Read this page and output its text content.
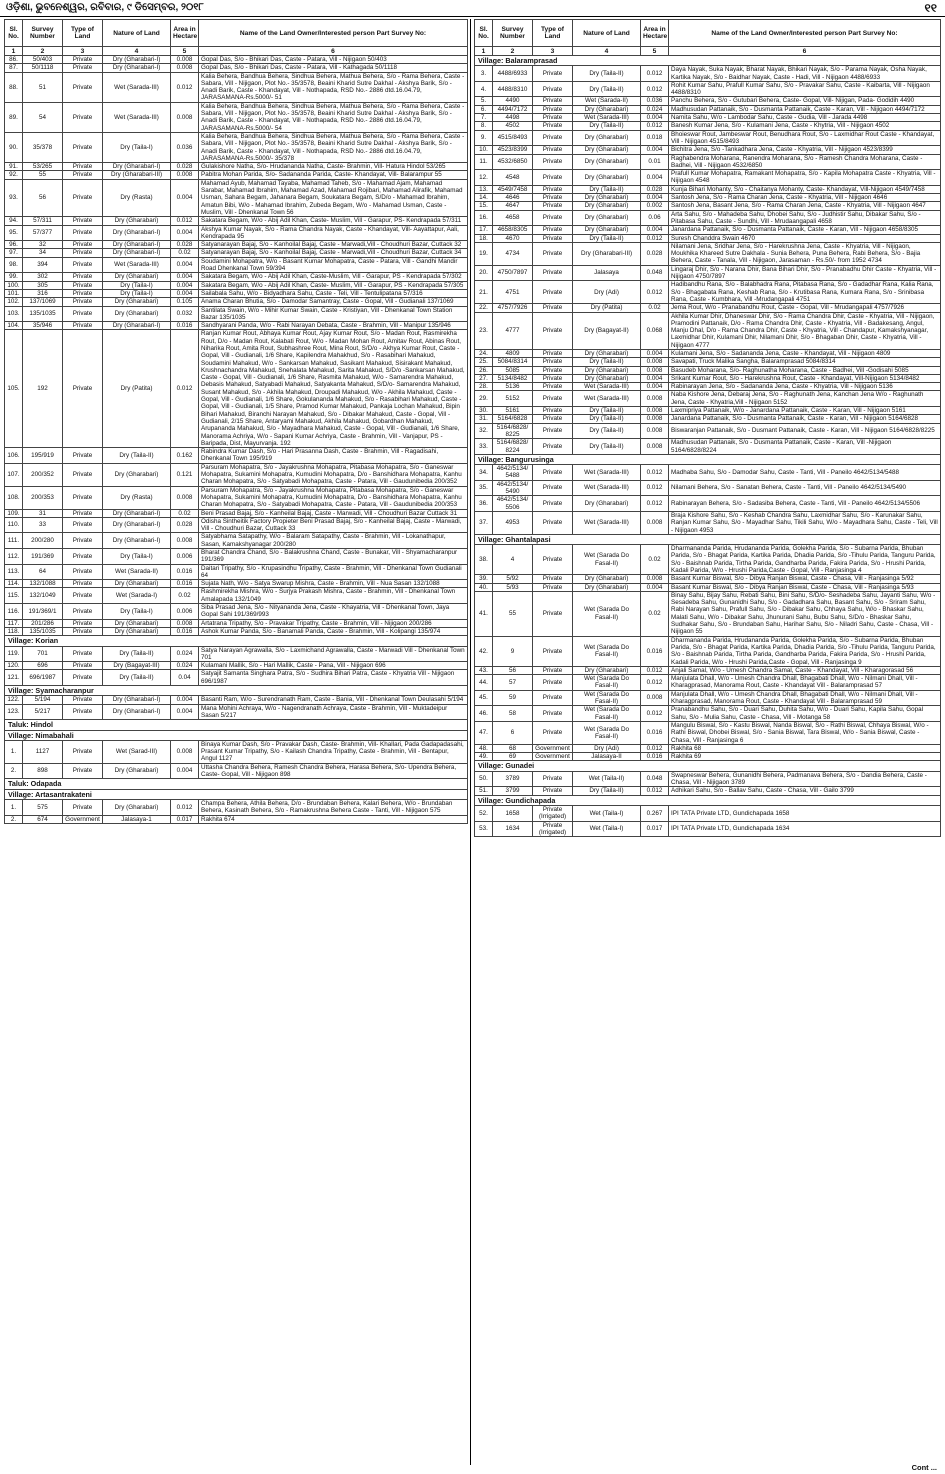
ଓଡ଼ିଶା, ଭୁବନେଶ୍ୱର, ରବିବାର, ୯ ଡିସେମ୍ବର, ୨୦୧୮	୧୧
Sl. No.	Survey Number	Type of Land	Nature of Land	Area in Hectare	Name of the Land Owner/Interested person Part Survey No:
1	2	3	4	5	6
86.	50/403	Private	Dry (Gharabari-I)	0.008	Gopal Das, S/o - Bhikari Das, Caste - Patara, Vill - Nijigaon 50/403
87.	50/1118	Private	Dry (Gharabari-I)	0.008	Gopal Das, S/o - Bhikari Das, Caste - Patara, Vill - Kathagada 50/1118
88.	51	Private	Wet (Sarada-III)	0.012	Kalia Behera, Bandhua Behera, Sindhua Behera, Mathua Behera, S/o - Rama Behera, Caste - Sabara, Vill - Nijigaon, Plot No.- 35/3578, Beaini Kharid Sutre Dakhal - Akshya Barik, S/o - Anadi Barik, Caste - Khandayat, Vill - Nothapada, RSD No.- 2886 dtd.16.04.79, JARASAMANA-Rs.5000/- 51
89.	54	Private	Wet (Sarada-III)	0.008	Kalia Behera, Bandhua Behera, Sindhua Behera, Mathua Behera, S/o - Rama Behera, Caste - Sabara, Vill - Nijigaon, Plot No.- 35/3578, Beaini Kharid Sutre Dakhal - Akshya Barik, S/o - Anadi Barik, Caste - Khandayat, Vill - Nothapada, RSD No.- 2886 dtd.16.04.79, JARASAMANA-Rs.5000/- 54
90.	35/378	Private	Dry (Taila-I)	0.036	Kalia Behera, Bandhua Behera, Sindhua Behera, Mathua Behera, S/o - Rama Behera, Caste - Sabara, Vill - Nijigaon, Plot No.- 35/3578, Beaini Kharid Sutre Dakhal - Akshya Barik, S/o - Anadi Barik, Caste - Khandayat, Vill - Nothapada, RSD No.- 2886 dtd.16.04.79, JARASAMANA-Rs.5000/- 35/378
91.	53/265	Private	Dry (Gharabari-I)	0.028	Gulakishore Natha, S/o- Hrudananda Natha, Caste- Brahmin, Vill- Hatura Hindol 53/265
92.	55	Private	Dry (Gharabari-III)	0.008	Pabitra Mohan Parida, S/o- Sadananda Parida, Caste- Khandayat, Vill- Balarampur 55
93.	56	Private	Dry (Rasta)	0.004	Mahamad Ayub, Mahamad Tayaba, Mahamad Taheb, S/o - Mahamad Ajam, Mahamad Sarabar, Mahamad Ibrahim, Mahamad Azad, Mahamad Rojibari, Mahamad Alirafik, Mahamad Usman, Sahara Begam, Jahanara Begam, Soukatara Begam, S/D/o - Mahamad Ibrahim, Amatun Bibi, W/o - Mahamad Ibrahim, Zubeda Begam, W/o - Mahamad Usman, Caste - Muslim, Vill - Dhenkanal Town 56
94.	57/311	Private	Dry (Gharabari)	0.012	Sakatara Begam, W/o - Abij Adil Khan, Caste- Muslim, Vill - Garapur, PS- Kendrapada 57/311
95.	57/377	Private	Dry (Gharabari-I)	0.004	Akshya Kumar Nayak, S/o - Rama Chandra Nayak, Caste - Khandayat, Vill- Aayattapur, Aali, Kendrapada 95
96.	32	Private	Dry (Gharabari-I)	0.028	Satyanarayan Bajaj, S/o - Kanhoilal Bajaj, Caste - Marwadi,Vill - Choudhuri Bazar, Cuttack 32
97.	34	Private	Dry (Gharabari-I)	0.02	Satyanarayan Bajaj, S/o - Kanhoilal Bajaj, Caste - Marwadi,Vill - Choudhuri Bazar, Cuttack 34
98.	394	Private	Wet (Sarada-III)	0.004	Soudamini Mohapatra, W/o - Basant Kumar Mohapatra, Caste - Patara, Vill - Gandhi Mandir Road Dhenkanal Town 59/394
99.	302	Private	Dry (Gharabari)	0.004	Sakatara Begam, W/o - Abij Adil Khan, Caste-Muslim, Vill - Garapur, PS - Kendrapada 57/302
100.	305	Private	Dry (Taila-I)	0.004	Sakatara Begam, W/o - Abij Adil Khan, Caste- Muslim, Vill - Garapur, PS - Kendrapada 57/305
101.	316	Private	Dry (Taila-I)	0.004	Sailabala Sahu, W/o - Bidyadhara Sahu, Caste - Teli, Vill - Tentulipatana 57/316
102.	137/1069	Private	Dry (Gharabari)	0.105	Anama Charan Bhutia, S/o - Damodar Samantray, Caste - Gopal, Vill - Gudianali 137/1069
103.	135/1035	Private	Dry (Gharabari)	0.032	Santilata Swain, W/o - Mihir Kumar Swain, Caste - Kristiyan, Vill - Dhenkanal Town Station Bazar 135/1035
104.	35/946	Private	Dry (Gharabari-I)	0.016	Sandhyarani Panda, W/o - Rabi Narayan Debata, Caste - Brahmin, Vill - Manipur 135/946
105.	192	Private	Dry (Patita)	0.012	Ranjan Kumar Rout, Abhaya Kumar Rout, Ajay Kumar Rout, S/o - Madan Rout, Rasmirekha Rout, D/o - Madan Rout, Kalabati Rout, W/o - Madan Mohan Rout, Amitav Rout, Abinas Rout, Niharika Rout, Amita Rout, Subhashree Rout, Mina Rout, S/D/o - Akhya Kumar Rout, Caste - Gopal, Vill - Gudianali, 1/6 Share, Kapilendra Mahakhud, S/o - Rasabihari Mahakud, Soudamini Mahakud, W/o - Sankarsan Mahakud, Sasikant Mahakud, Sisirakant Mahakud, Krushnachandra Mahakud, Snehalata Mahakud, Sarita Mahakud, S/D/o -Sankarsan Mahakud, Caste - Gopal, Vill - Gudianali, 1/6 Share, Rasmita Mahakud, W/o - Samarendra Mahakud, Debasis Mahakud, Satyabadi Mahakud, Satyakanta Mahakud, S/D/o- Samarendra Mahakud, Susant Mahakud, S/o - Akhila Mahakud, Droupadi Mahakud, W/o - Akhila Mahakud, Caste - Gopal, Vill - Gudianali, 1/6 Share, Gokulananda Mahakud, S/o - Rasabihari Mahakud, Caste - Gopal, Vill - Gudianali, 1/5 Share, Pramod Kumar Mahakud, Pankaja Lochan Mahakud, Bipin Bihari Mahakud, Biranchi Narayan Mahakud, S/o - Dibakar Mahakud, Caste - Gopal, Vill - Gudianali, 2/15 Share, Antaryami Mahakud, Akhila Mahakud, Gobardhan Mahakud, Arupananda Mahakud, S/o - Mayadhara Mahakud, Caste - Gopal, Vill - Gudianali, 1/6 Share, Manorama Achriya, W/o - Sapani Kumar Achriya, Caste - Brahmin, Vill - Vanjapur, PS -Baripada, Dist, Mayurvanja. 192
106.	195/919	Private	Dry (Taila-II)	0.162	Rabindra Kumar Dash, S/o - Hari Prasanna Dash, Caste - Brahmin, Vill - Ragadisahi, Dhenkanal Town 195/919
107.	200/352	Private	Dry (Gharabari)	0.121	Parsuram Mohapatra, S/o - Jayakrushna Mohapatra, Pitabasa Mohapatra, S/o - Ganeswar Mohapatra, Sukamini Mohapatra, Kumudini Mohapatra, D/o - Banshidhara Mohapatra, Kanhu Charan Mohapatra, S/o - Satyabadi Mohapatra, Caste - Patara, Vill - Gaudunibedia 200/352
108.	200/353	Private	Dry (Rasta)	0.008	Parsuram Mohapatra, S/o - Jayakrushna Mohapatra, Pitabasa Mohapatra, S/o - Ganeswar Mohapatra, Sukamini Mohapatra, Kumudini Mohapatra, D/o - Banshidhara Mohapatra, Kanhu Charan Mohapatra, S/o - Satyabadi Mohapatra, Caste - Patara, Vill - Gaudunibedia 200/353
109.	31	Private	Dry (Gharabari-I)	0.02	Beni Prasad Bajaj, S/o - Kanheilal Bajaj, Caste - Marwadi, Vill - Choudhuri Bazar Cuttack 31
110.	33	Private	Dry (Gharabari-I)	0.028	Odisha Sintheitik Factory Propieter Beni Prasad Bajaj, S/o - Kanheilal Bajaj, Caste - Marwadi, Vill - Choudhuri Bazar, Cuttack 33
111.	200/280	Private	Dry (Gharabari-I)	0.008	Satyabhama Satapathy, W/o - Balaram Satapathy, Caste - Brahmin, Vill - Lokanathapur, Sasan, Kamakshyanagar 200/280
112.	191/369	Private	Dry (Taila-I)	0.006	Bharat Chandra Chand, S/o - Balakrushna Chand, Caste - Bunakar, Vill - Shyamacharanpur 191/369
113.	64	Private	Wet (Sarada-II)	0.016	Daitari Tripathy, S/o - Krupasindhu Tripathy, Caste - Brahmin, Vill - Dhenkanal Town Gudianali 64
114.	132/1088	Private	Dry (Gharabari)	0.016	Sujata Nath, W/o - Satya Swarup Mishra, Caste - Brahmin, Vill - Nua Sasan 132/1088
115.	132/1049	Private	Wet (Sarada-I)	0.02	Rashmirekha Mishra, W/o - Surjya Prakash Mishra, Caste - Brahmin, Vill - Dhenkanal Town Amalapada 132/1049
116.	191/369/1	Private	Dry (Taila-I)	0.006	Siba Prasad Jena, S/o - Nityananda Jena, Caste - Khayatria, Vill - Dhenkanal Town, Jaya Gopal Sahi 191/369/993
117.	201/286	Private	Dry (Gharabari)	0.008	Artatrana Tripathy, S/o - Pravakar Tripathy, Caste - Brahmin, Vill - Nijigaon 200/286
118.	135/1035	Private	Dry (Gharabari)	0.016	Ashok Kumar Panda, S/o - Banamali Panda, Caste - Brahmin, Vill - Kolipangi 135/974
Village: Korian					
119.	701	Private	Dry (Taila-II)	0.024	Satya Narayan Agrawalla, S/o - Laxmichand Agrawalla, Caste - Marwadi Vill - Dhenkanal Town 701
120.	696	Private	Dry (Bagayat-III)	0.024	Kulamani Mallik, S/o - Hari Mallik, Caste - Pana, Vill - Nijigaon 696
121.	696/1987	Private	Dry (Taila-II)	0.04	Satyajit Samanta Singhara Patra, S/o - Sudhira Bihari Patra, Caste - Khyatria Vill - Nijigaon 696/1987
Village: Syamacharanpur					
122.	5/194	Private	Dry (Gharabari-I)	0.004	Basanti Ram, W/o - Surendranath Ram, Caste - Bania, Vill - Dhenkanal Town Deulasahi 5/194
123.	5/217	Private	Dry (Gharabari-I)	0.004	Mana Mohini Achraya, W/o - Nagendranath Achraya, Caste - Brahmin, Vill - Muktadeipur Sasan 5/217
Taluk: Hindol					
Village: Nimabahali					
1.	1127	Private	Wet (Sarad-III)	0.008	Binaya Kumar Dash, S/o - Pravakar Dash, Caste- Brahmin, Vill- Khallari, Pada Gadapadasahi, Prasant Kumar Tripathy, S/o - Kailash Chandra Tripathy, Caste - Brahmin, Vill - Bentapur, Angul 1127
2.	898	Private	Dry (Gharabari)	0.004	Uttasha Chandra Behera, Ramesh Chandra Behera, Harasa Behera, S/o- Upendra Behera, Caste- Gopal, Vill - Nijigaon 898
Taluk: Odapada					
Village: Artasantrakateni					
1.	575	Private	Dry (Gharabari)	0.012	Champa Behera, Athila Behera, D/o - Brundaban Behera, Kalari Behera, W/o - Brundaban Behera, Kasinath Behera, S/o - Ramakrushna Behera Caste - Tanti, Vill - Nijigaon 575
2.	674	Government	Jalasaya-1	0.017	Rakhita 674
Sl. No.	Survey Number	Type of Land	Nature of Land	Area in Hectare	Name of the Land Owner/Interested person Part Survey No:
1	2	3	4	5	6
Village: Balaramprasad					
3.	4488/6933	Private	Dry (Taila-II)	0.012	Daya Nayak, Suka Nayak, Bharat Nayak, Bhikari Nayak, S/o - Parama Nayak, Osha Nayak, Kartika Nayak, S/o - Baidhar Nayak, Caste - Hadi, Vill - Nijigaon 4488/6933
4.	4488/8310	Private	Dry (Taila-II)	0.012	Rohit Kumar Sahu, Prafull Kumar Sahu, S/o - Pravakar Sahu, Caste - Kaibarta, Vill - Nijigaon 4488/8310
5.	4490	Private	Wet (Sarada-II)	0.036	Panchu Behera, S/o - Gutubari Behera, Caste- Gopal, Vill- Nijigan, Pada- Godidih 4490
6.	4494/7172	Private	Dry (Gharabari)	0.024	Madhusudan Pattanaik, S/o - Dusmanta Pattanaik, Caste - Karan, Vill - Nijigaon 4494/7172
7.	4498	Private	Wet (Sarada-III)	0.004	Namita Sahu, W/o - Lambodar Sahu, Caste - Gudia, Vill - Jarada 4498
8.	4502	Private	Dry (Taila-II)	0.012	Banesh Kumar Jena, S/o - Kulamani Jena, Caste - Khytria, Vill - Nijigaon 4502
9.	4515/8493	Private	Dry (Gharabari)	0.018	Bhoieswar Rout, Jambeswar Rout, Benudhara Rout, S/o - Laxmidhar Rout Caste - Khandayat, Vill - Nijigaon 4515/8493
10.	4523/8399	Private	Dry (Gharabari)	0.004	Bichitra Jena, S/o -Tankadhara Jena, Caste - Khyatria, Vill - Nijigaon 4523/8399
11.	4532/6850	Private	Dry (Gharabari)	0.01	Raghabendra Moharana, Ranendra Moharana, S/o - Ramesh Chandra Moharana, Caste - Badhei, Vill - Nijigaon 4532/6850
12.	4548	Private	Dry (Gharabari)	0.004	Prafull Kumar Mohapatra, Ramakant Mohapatra, S/o - Kapila Mohapatra Caste - Khyatria, Vill - Nijigaon 4548
13.	4549/7458	Private	Dry (Taila-II)	0.028	Kunja Bihari Mohanty, S/o - Chaitanya Mohanty, Caste- Khandayat, Vill-Nijigaon 4549/7458
14.	4646	Private	Dry (Gharabari)	0.004	Santosh Jena, S/o - Rama Charan Jena, Caste - Khyatria, Vill - Nijigaon 4646
15.	4647	Private	Dry (Gharabari)	0.002	Santosh Jena, Basant Jena, S/o - Rama Charan Jena, Caste - Khyatria, Vill - Nijigaon 4647
16.	4658	Private	Dry (Gharabari)	0.06	Arta Sahu, S/o - Mahadeba Sahu, Dhobei Sahu, S/o - Judhistir Sahu, Dibakar Sahu, S/o - Pitabasa Sahu, Caste - Sundhi, Vill - Mrudaangapali 4658
17.	4658/8305	Private	Dry (Gharabari)	0.004	Janardana Pattanaik, S/o - Dusmanta Pattanaik, Caste - Karan, Vill - Nijigaon 4658/8305
18.	4670	Private	Dry (Taila-II)	0.012	Suresh Chanddra Swain 4670
19.	4734	Private	Dry (Gharabari-III)	0.028	Nilamani Jena, Sridhar Jena, S/o - Harekrushna Jena, Caste - Khyatria, Vill - Nijigaon, Moukhika Khareed Sutre Dakhala - Sunia Behera, Puna Behera, Rabi Behera, S/o - Bajia Behera, Caste - Tanala, Vill - Nijigaon, Jarasaman - Rs.50/- from 1952 4734
20.	4750/7897	Private	Jalasaya	0.048	Lingaraj Dhir, S/o - Narana Dhir, Bana Bihari Dhir, S/o - Pranabadhu Dhir Caste - Khyatria, Vill - Nijigaon 4750/7897
21.	4751	Private	Dry (Adi)	0.012	Hadibandhu Rana, S/o - Balabhadra Rana, Pitabasa Rana, S/o - Gadadhar Rana, Kalia Rana, S/o - Bhagabata Rana, Keshab Rana, S/o - Krutibasa Rana, Kumara Rana, S/o - Srinibasa Rana, Caste - Kumbhara, Vill -Mrudangapali 4751
22.	4757/7926	Private	Dry (Patita)	0.02	Jema Rout, W/o - Pranabandhu Rout, Caste - Gopal, Vill - Mrudangapali 4757/7926
23.	4777	Private	Dry (Bagayat-II)	0.068	Akhila Kumar Dhir, Dhaneswar Dhir, S/o - Rama Chandra Dhir, Caste - Khyatria, Vill - Nijigaon, Pramodini Pattanaik, D/o - Rama Chandra Dhir, Caste - Khyatria, Vill - Badakesang, Angul, Manju Dhal, D/o - Rama Chandra Dhir, Caste - Khyatria, Vill - Chandapur, Kamakshyanagar, Laxmidhar Dhir, Kulamani Dhir, Nilamani Dhir, S/o - Bhagaban Dhir, Caste - Khyatria, Vill - Nijigaon 4777
24.	4809	Private	Dry (Gharabari)	0.004	Kulamani Jena, S/o - Sadananda Jena, Caste - Khandayat, Vill - Nijigaon 4809
25.	5084/8314	Private	Dry (Taila-II)	0.008	Savapati, Truck Malika Sangha, Balaramprasad 5084/8314
26.	5085	Private	Dry (Gharabari)	0.008	Basudeb Moharana, S/o- Raghunatha Moharana, Caste - Badhei, Vill -Godisahi 5085
27.	5134/8482	Private	Dry (Gharabari)	0.004	Srikant Kumar Rout, S/o - Harekrushna Rout, Caste - Khandayat, Vill-Nijigaon 5134/8482
28.	5136	Private	Wet (Sarada-III)	0.004	Rabinarayan Jena, S/o - Sadananda Jena, Caste - Khyatria, Vill - Nijigaon 5136
29.	5152	Private	Wet (Sarada-III)	0.008	Naba Kishore Jena, Debaraj Jena, S/o - Raghunath Jena, Kanchan Jena W/o - Raghunath Jena, Caste - Khyatria,Vill - Nijigaon 5152
30.	5161	Private	Dry (Taila-II)	0.008	Laxmipriya Pattanaik, W/o - Janardana Pattanaik, Caste - Karan, Vill - Nijigaon 5161
31.	5164/6828	Private	Dry (Taila-II)	0.008	Janardana Pattanaik, S/o - Dusmanta Pattanaik, Caste - Karan, Vill - Nijigaon 5164/6828
32.	5164/6828/ 8225	Private	Dry (Taila-II)	0.008	Biswaranjan Pattanaik, S/o - Dusmant Pattanaik, Caste - Karan, Vill - Nijigaon 5164/6828/8225
33.	5164/6828/ 8224	Private	Dry (Taila-II)	0.008	Madhusudan Pattanaik, S/o - Dusmanta Pattanaik, Caste - Karan, Vill -Nijigaon 5164/6828/8224
Village: Bangurusinga					
34.	4642/5134/ 5488	Private	Wet (Sarada-III)	0.012	Madhaba Sahu, S/o - Damodar Sahu, Caste - Tanti, Vill - Paneilo 4642/5134/5488
35.	4642/5134/ 5490	Private	Wet (Sarada-III)	0.012	Nilamani Behera, S/o - Sanatan Behera, Caste - Tanti, Vill - Paneilo 4642/5134/5490
36.	4642/5134/ 5506	Private	Dry (Gharabari)	0.012	Rabinarayan Behera, S/o - Sadasiba Behera, Caste - Tanti, Vill - Paneilo 4642/5134/5506
37.	4953	Private	Wet (Sarada-III)	0.008	Braja Kishore Sahu, S/o - Keshab Chandra Sahu, Laxmidhar Sahu, S/o - Karunakar Sahu, Ranjan Kumar Sahu, S/o - Mayadhar Sahu, Tikili Sahu, W/o - Mayadhara Sahu, Caste - Teli, Vill - Nijigaon 4953
Village: Ghantalapasi					
38.	4	Private	Wet (Sarada Do Fasal-II)	0.02	Dharmananda Parida, Hrudananda Parida, Golekha Parida, S/o - Subarna Parida, Bhuban Parida, S/o - Bhagat Parida, Kartika Parida, Dhadia Parida, S/o -Tihulu Parida, Tanguru Parida, S/o - Baishnab Parida, Tirtha Parida, Gandharba Parida, Fakira Parida, S/o - Hrushi Parida, Kadali Parida, W/o - Hrushi Parida,Caste - Gopal, Vill - Ranjasinga 4
39.	5/92	Private	Dry (Gharabari)	0.008	Basant Kumar Biswal, S/o - Dibya Ranjan Biswal, Caste - Chasa, Vill - Ranjasinga 5/92
40.	5/93	Private	Dry (Gharabari)	0.004	Basant Kumar Biswal, S/o - Dibya Ranjan Biswal, Caste - Chasa, Vill - Ranjasinga 5/93
41.	55	Private	Wet (Sarada Do Fasal-II)	0.02	Binay Sahu, Bijay Sahu, Rebati Sahu, Bini Sahu, S/D/o- Seshadeba Sahu, Jayanti Sahu, W/o - Sesadeba Sahu, Gunanidhi Sahu, S/o - Gadadhara Sahu, Basant Sahu, S/o - Sriram Sahu, Rabi Narayan Sahu, Prafull Sahu, S/o - Dibakar Sahu, Chhaya Sahu, W/o - Bhaskar Sahu, Malati Sahu, W/o - Dibakar Sahu, Jhunurani Sahu, Bubu Sahu, S/D/o - Bhaskar Sahu, Sudhakar Sahu, S/o - Brundaban Sahu, Harihar Sahu, S/o - Niladri Sahu, Caste - Chasa, Vill - Nijigaon 55
42.	9	Private	Wet (Sarada Do Fasal-II)	0.016	Dharmananda Parida, Hrudananda Parida, Golekha Parida, S/o - Subarna Parida, Bhuban Parida, S/o - Bhagat Parida, Kartika Parida, Dhadia Parida, S/o -Tihulu Parida, Tanguru Parida, S/o - Baishnab Parida, Tirtha Parida, Gandharba Parida, Fakira Parida, S/o - Hrushi Parida, Kadali Parida, W/o - Hrushi Parida,Caste - Gopal, Vill - Ranjasinga 9
43.	56	Private	Dry (Gharabari)	0.012	Anjali Samal, W/o - Umesh Chandra Samal, Caste - Khandayat, Vill - Kharagorasad 56
44.	57	Private	Wet (Sarada Do Fasal-II)	0.012	Manjulata Dhall, W/o - Umesh Chandra Dhall, Bhagabati Dhall, W/o - Nilmani Dhall, Vill - Kharagprasad, Manorama Rout, Caste - Khandayat Vill - Balaramprasad 57
45.	59	Private	Wet (Sarada Do Fasal-II)	0.008	Manjulata Dhall, W/o - Umesh Chandra Dhall, Bhagabati Dhall, W/o - Nilmani Dhall, Vill - Kharagprasad, Manorama Rout, Caste - Khandayat Vill - Balaramprasad 59
46.	58	Private	Wet (Sarada Do Fasal-II)	0.012	Pranabandhu Sahu, S/o - Duari Sahu, Duhita Sahu, W/o - Duari Sahu, Kapila Sahu, Gopal Sahu, S/o - Mulia Sahu, Caste - Chasa, Vill - Motanga 58
47.	6	Private	Wet (Sarada Do Fasal-II)	0.016	Mangulu Biswal, S/o - Kastu Biswal, Nanda Biswal, S/o - Rathi Biswal, Chhaya Biswal, W/o - Rathi Biswal, Dhobei Biswal, S/o - Sania Biswal, Tara Biswal, W/o - Sania Biswal, Caste - Chasa, Vill - Ranjasinga 6
48.	68	Government	Dry (Adi)	0.012	Rakhita 68
49.	69	Government	Jalasaya-II	0.016	Rakhita 69
Village: Gunadei					
50.	3789	Private	Wet (Taila-II)	0.048	Swapneswar Behera, Gunanidhi Behera, Padmanava Behera, S/o - Dandia Behera, Caste - Chasa, Vill - Nijigaon 3789
51.	3799	Private	Dry (Taila-II)	0.012	Adhikari Sahu, S/o - Ballav Sahu, Caste - Chasa, Vill - Gailo 3799
Village: Gundichapada					
52.	1658	Private (Irrigated)	Wet (Taila-I)	0.267	IPI TATA Private LTD, Gundichapada 1658
53.	1634	Private (Irrigated)	Wet (Taila-I)	0.017	IPI TATA Private LTD, Gundichapada 1634
Cont ...
